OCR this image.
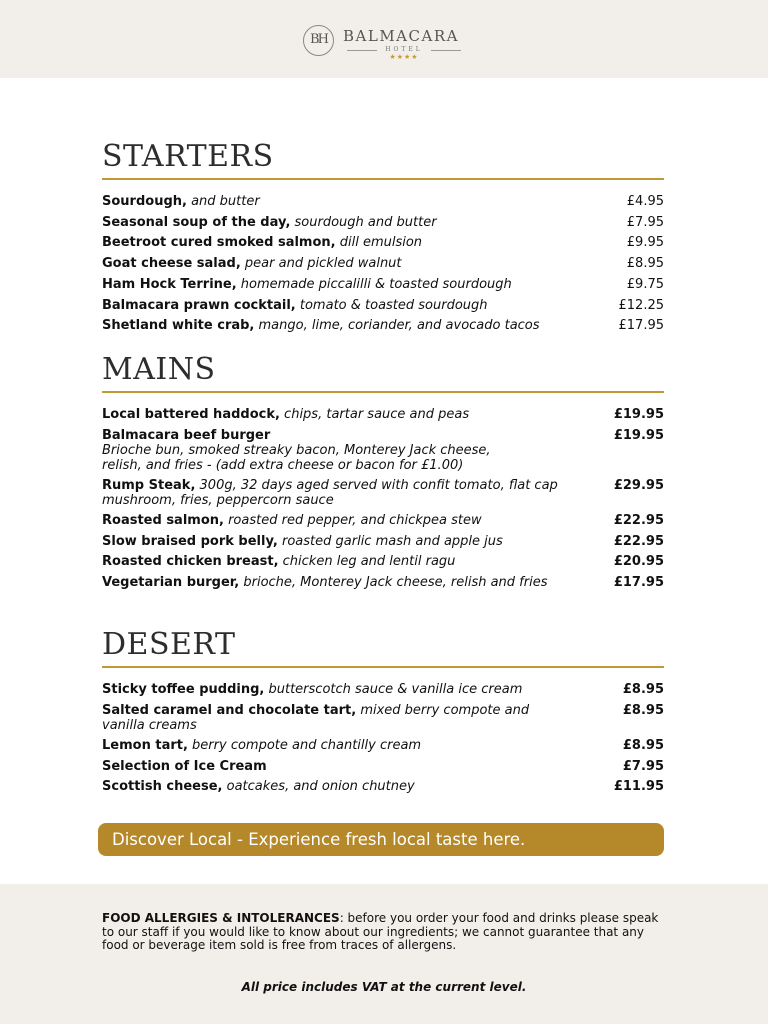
BH	BALMACARA
HOTEL
★★★★
STARTERS
Sourdough, and butter	£4.95
Seasonal soup of the day, sourdough and butter	£7.95
Beetroot cured smoked salmon, dill emulsion	£9.95
Goat cheese salad, pear and pickled walnut	£8.95
Ham Hock Terrine, homemade piccalilli & toasted sourdough	£9.75
Balmacara prawn cocktail, tomato & toasted sourdough	£12.25
Shetland white crab, mango, lime, coriander, and avocado tacos	£17.95
MAINS
Local battered haddock, chips, tartar sauce and peas	£19.95
Balmacara beef burger
Brioche bun, smoked streaky bacon, Monterey Jack cheese, relish, and fries - (add extra cheese or bacon for £1.00)
£19.95
Rump Steak, 300g, 32 days aged served with confit tomato, flat cap mushroom, fries, peppercorn sauce
£29.95
Roasted salmon, roasted red pepper, and chickpea stew	£22.95
Slow braised pork belly, roasted garlic mash and apple jus	£22.95
Roasted chicken breast, chicken leg and lentil ragu	£20.95
Vegetarian burger, brioche, Monterey Jack cheese, relish and fries	£17.95
DESERT
Sticky toffee pudding, butterscotch sauce & vanilla ice cream	£8.95
Salted caramel and chocolate tart, mixed berry compote and vanilla creams
£8.95
Lemon tart, berry compote and chantilly cream	£8.95
Selection of Ice Cream	£7.95
Scottish cheese, oatcakes, and onion chutney	£11.95
Discover Local - Experience fresh local taste here.
FOOD ALLERGIES & INTOLERANCES: before you order your food and drinks please speak to our staff if you would like to know about our ingredients; we cannot guarantee that any food or beverage item sold is free from traces of allergens.
All price includes VAT at the current level.
